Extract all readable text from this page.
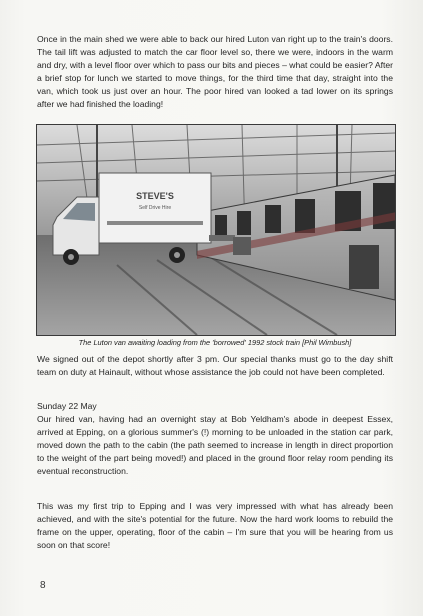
Once in the main shed we were able to back our hired Luton van right up to the train's doors. The tail lift was adjusted to match the car floor level so, there we were, indoors in the warm and dry, with a level floor over which to pass our bits and pieces – what could be easier? After a brief stop for lunch we started to move things, for the third time that day, straight into the van, which took us just over an hour. The poor hired van looked a tad lower on its springs after we had finished the loading!

STEVE'S
Self Drive Hire
The Luton van awaiting loading from the 'borrowed' 1992 stock train [Phil Wimbush]

We signed out of the depot shortly after 3 pm. Our special thanks must go to the day shift team on duty at Hainault, without whose assistance the job could not have been completed.

Sunday 22 May

Our hired van, having had an overnight stay at Bob Yeldham's abode in deepest Essex, arrived at Epping, on a glorious summer's (!) morning to be unloaded in the station car park, moved down the path to the cabin (the path seemed to increase in length in direct proportion to the weight of the part being moved!) and placed in the ground floor relay room pending its eventual reconstruction.

This was my first trip to Epping and I was very impressed with what has already been achieved, and with the site's potential for the future. Now the hard work looms to rebuild the frame on the upper, operating, floor of the cabin – I'm sure that you will be hearing from us soon on that score!

8
